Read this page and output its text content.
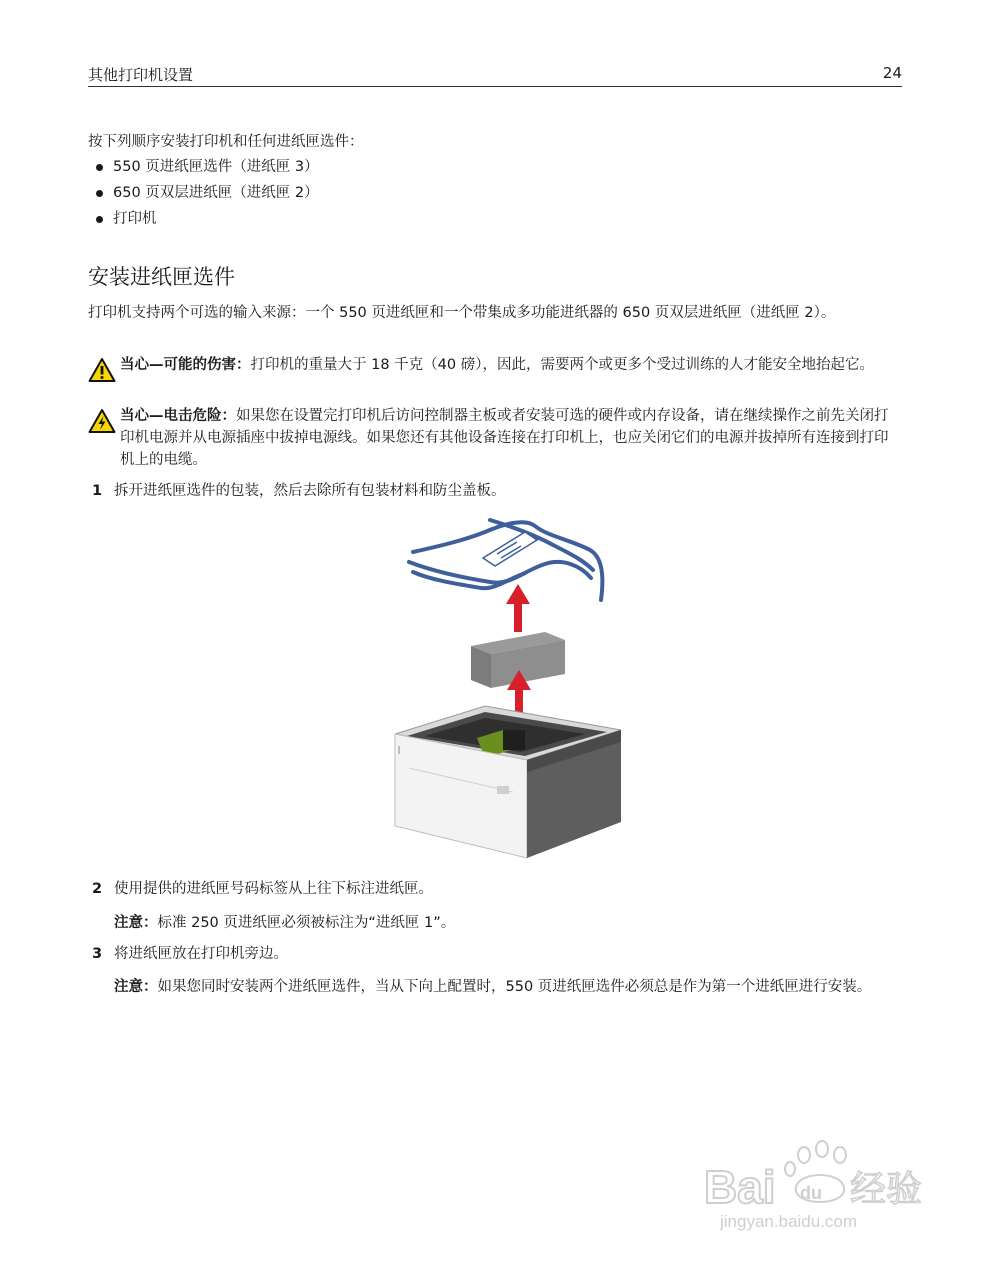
其他打印机设置	24
按下列顺序安装打印机和任何进纸匣选件：
550 页进纸匣选件（进纸匣 3）
650 页双层进纸匣（进纸匣 2）
打印机
安装进纸匣选件
打印机支持两个可选的输入来源：一个 550 页进纸匣和一个带集成多功能进纸器的 650 页双层进纸匣（进纸匣 2）。
当心—可能的伤害：打印机的重量大于 18 千克（40 磅），因此，需要两个或更多个受过训练的人才能安全地抬起它。
当心—电击危险：如果您在设置完打印机后访问控制器主板或者安装可选的硬件或内存设备，请在继续操作之前先关闭打印机电源并从电源插座中拔掉电源线。如果您还有其他设备连接在打印机上，也应关闭它们的电源并拔掉所有连接到打印机上的电缆。
1 拆开进纸匣选件的包装，然后去除所有包装材料和防尘盖板。
2 使用提供的进纸匣号码标签从上往下标注进纸匣。
注意：标准 250 页进纸匣必须被标注为“进纸匣 1”。
3 将进纸匣放在打印机旁边。
注意：如果您同时安装两个进纸匣选件，当从下向上配置时，550 页进纸匣选件必须总是作为第一个进纸匣进行安装。
Bai du 经验
jingyan.baidu.com
